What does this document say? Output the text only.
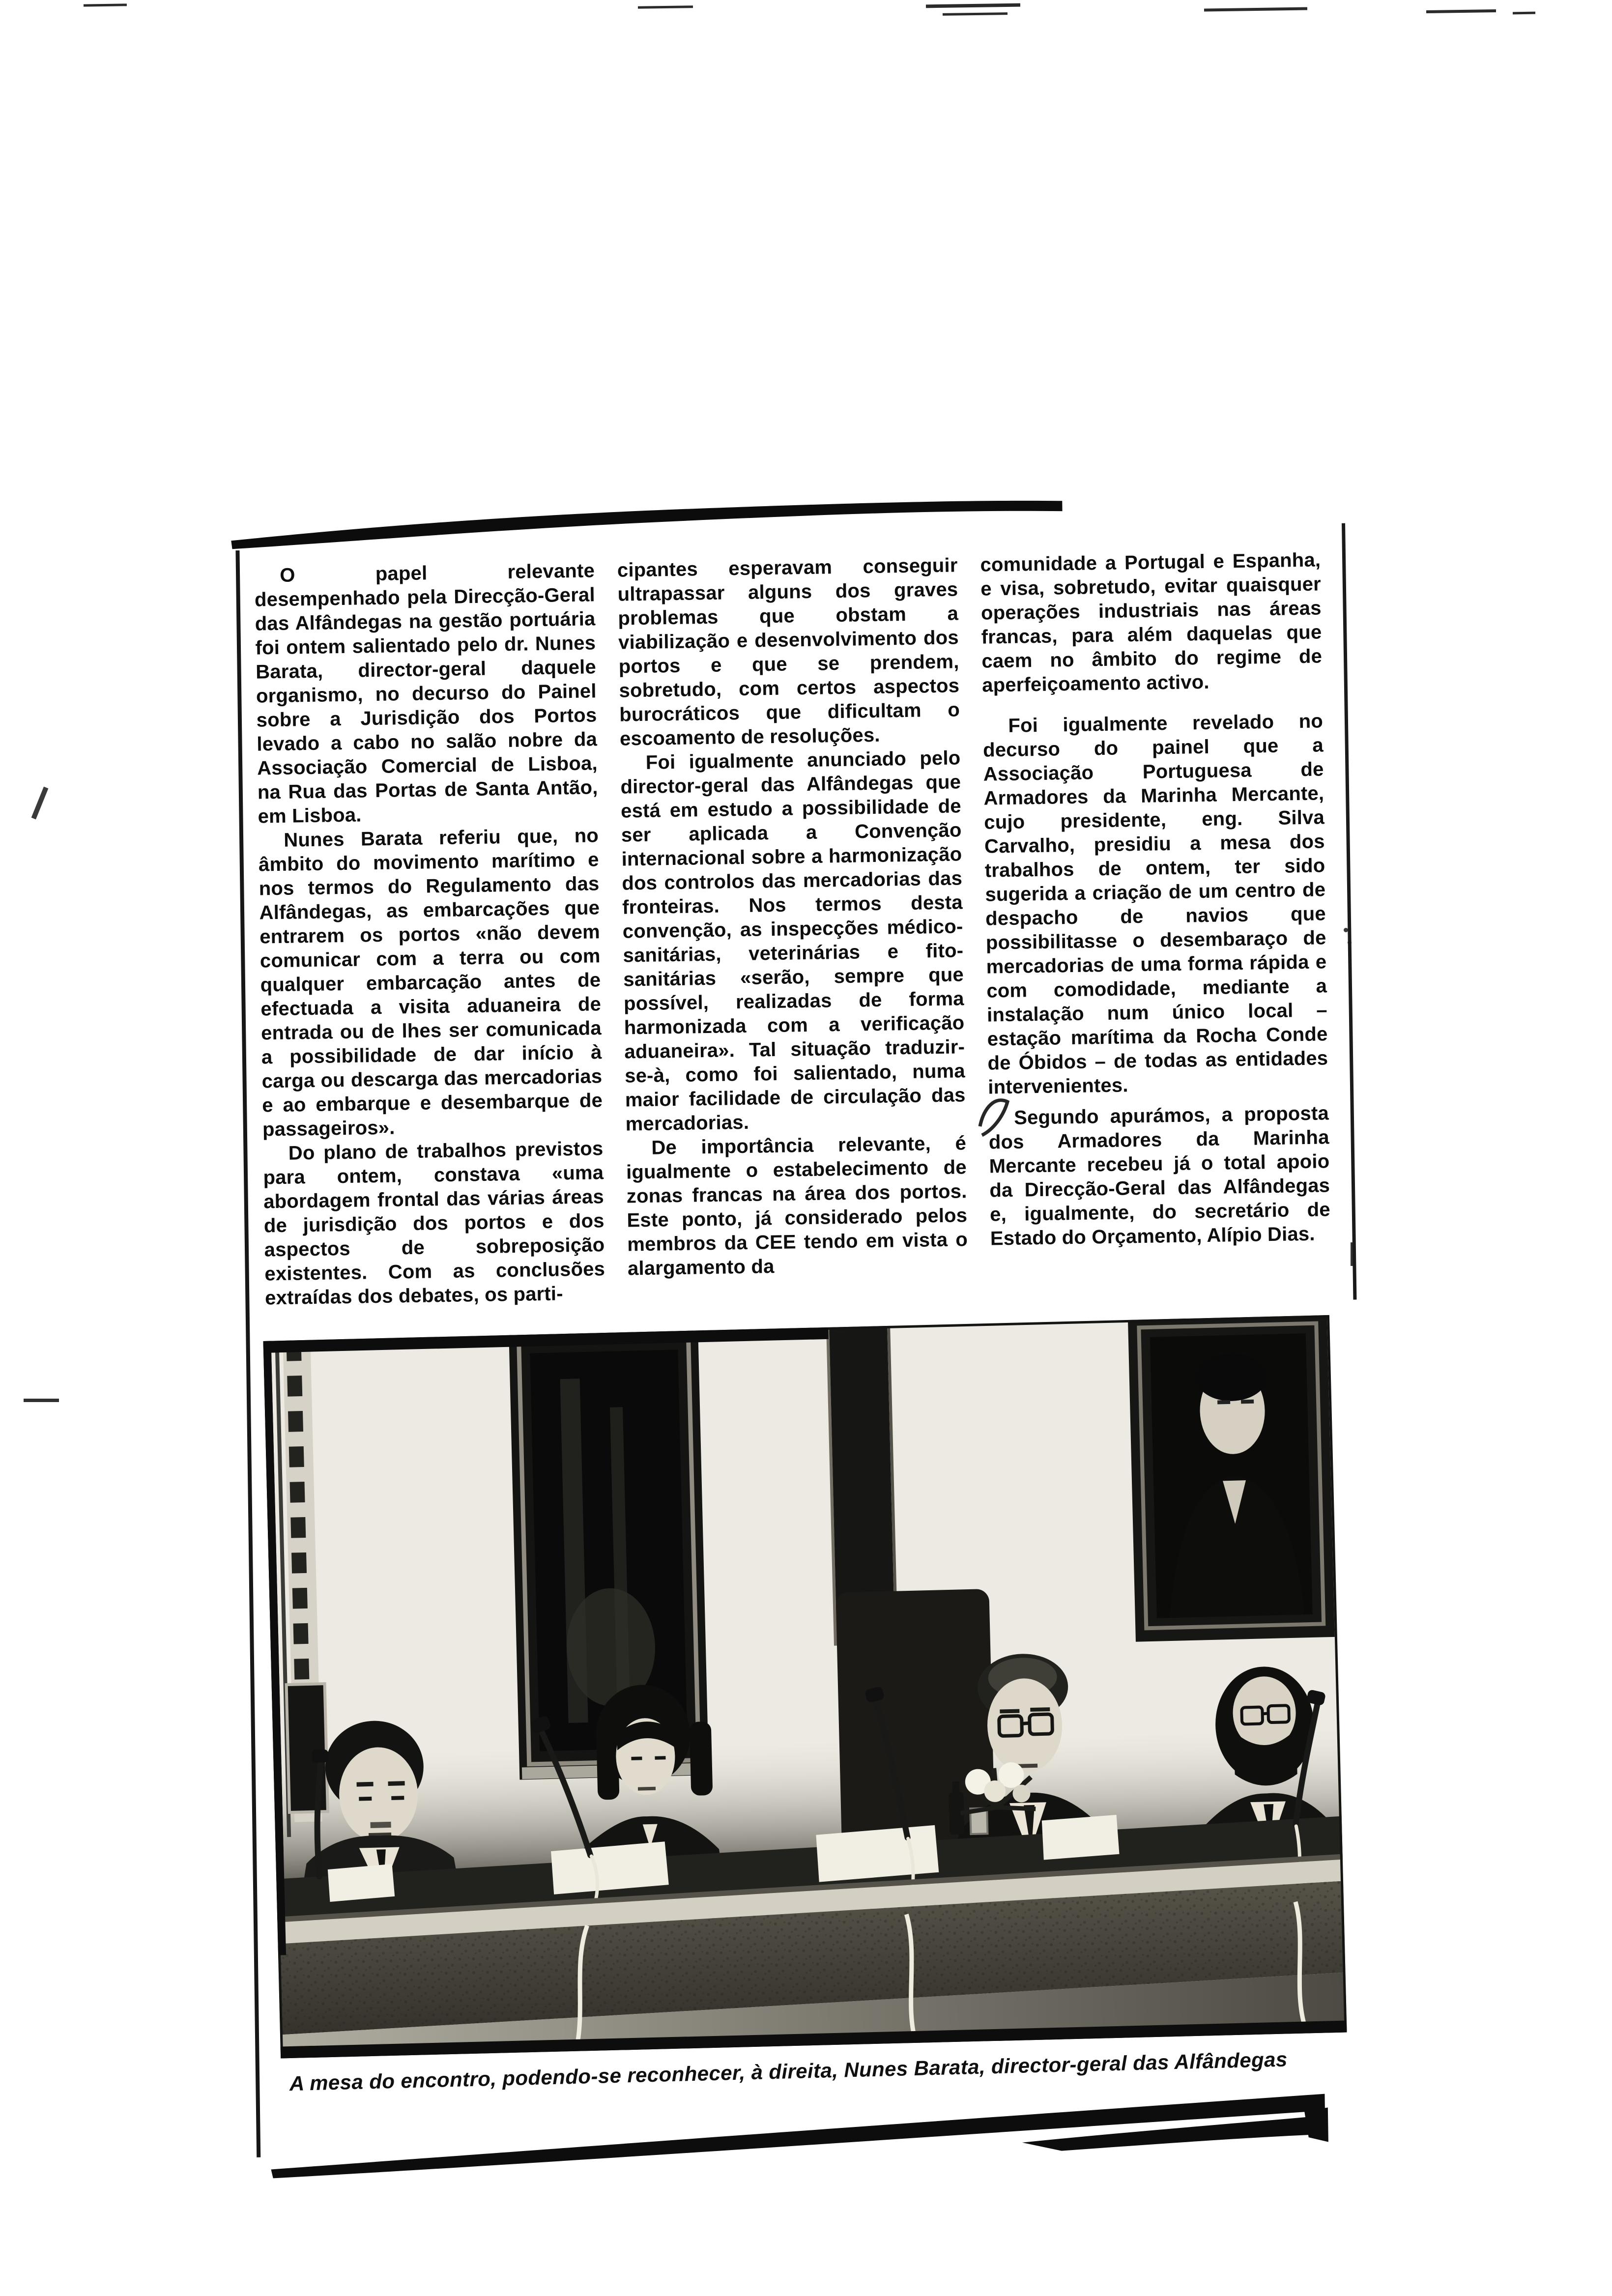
O papel relevante desempenhado pela Direcção-Geral das Alfândegas na gestão portuária foi ontem salientado pelo dr. Nunes Barata, director-geral daquele organismo, no decurso do Painel sobre a Jurisdição dos Portos levado a cabo no salão nobre da Associação Comercial de Lisboa, na Rua das Portas de Santa Antão, em Lisboa.

Nunes Barata referiu que, no âmbito do movimento marítimo e nos termos do Regulamento das Alfândegas, as embarcações que entrarem os portos «não devem comunicar com a terra ou com qualquer embarcação antes de efectuada a visita aduaneira de entrada ou de lhes ser comunicada a possibilidade de dar início à carga ou descarga das mercadorias e ao embarque e desembarque de passageiros».

Do plano de trabalhos previstos para ontem, constava «uma abordagem frontal das várias áreas de jurisdição dos portos e dos aspectos de sobreposição existentes. Com as conclusões extraídas dos debates, os parti-

cipantes esperavam conseguir ultrapassar alguns dos graves problemas que obstam a viabilização e desenvolvimento dos portos e que se prendem, sobretudo, com certos aspectos burocráticos que dificultam o escoamento de resoluções.

Foi igualmente anunciado pelo director-geral das Alfândegas que está em estudo a possibilidade de ser aplicada a Convenção internacional sobre a harmonização dos controlos das mercadorias das fronteiras. Nos termos desta convenção, as inspecções médico-sanitárias, veterinárias e fito-sanitárias «serão, sempre que possível, realizadas de forma harmonizada com a verificação aduaneira». Tal situação traduzir-se-à, como foi salientado, numa maior facilidade de circulação das mercadorias.

De importância relevante, é igualmente o estabelecimento de zonas francas na área dos portos. Este ponto, já considerado pelos membros da CEE tendo em vista o alargamento da

comunidade a Portugal e Espanha, e visa, sobretudo, evitar quaisquer operações industriais nas áreas francas, para além daquelas que caem no âmbito do regime de aperfeiçoamento activo.

Foi igualmente revelado no decurso do painel que a Associação Portuguesa de Armadores da Marinha Mercante, cujo presidente, eng. Silva Carvalho, presidiu a mesa dos trabalhos de ontem, ter sido sugerida a criação de um centro de despacho de navios que possibilitasse o desembaraço de mercadorias de uma forma rápida e com comodidade, mediante a instalação num único local – estação marítima da Rocha Conde de Óbidos – de todas as entidades intervenientes.

Segundo apurámos, a proposta dos Armadores da Marinha Mercante recebeu já o total apoio da Direcção-Geral das Alfândegas e, igualmente, do secretário de Estado do Orçamento, Alípio Dias.

A mesa do encontro, podendo-se reconhecer, à direita, Nunes Barata, director-geral das Alfândegas
